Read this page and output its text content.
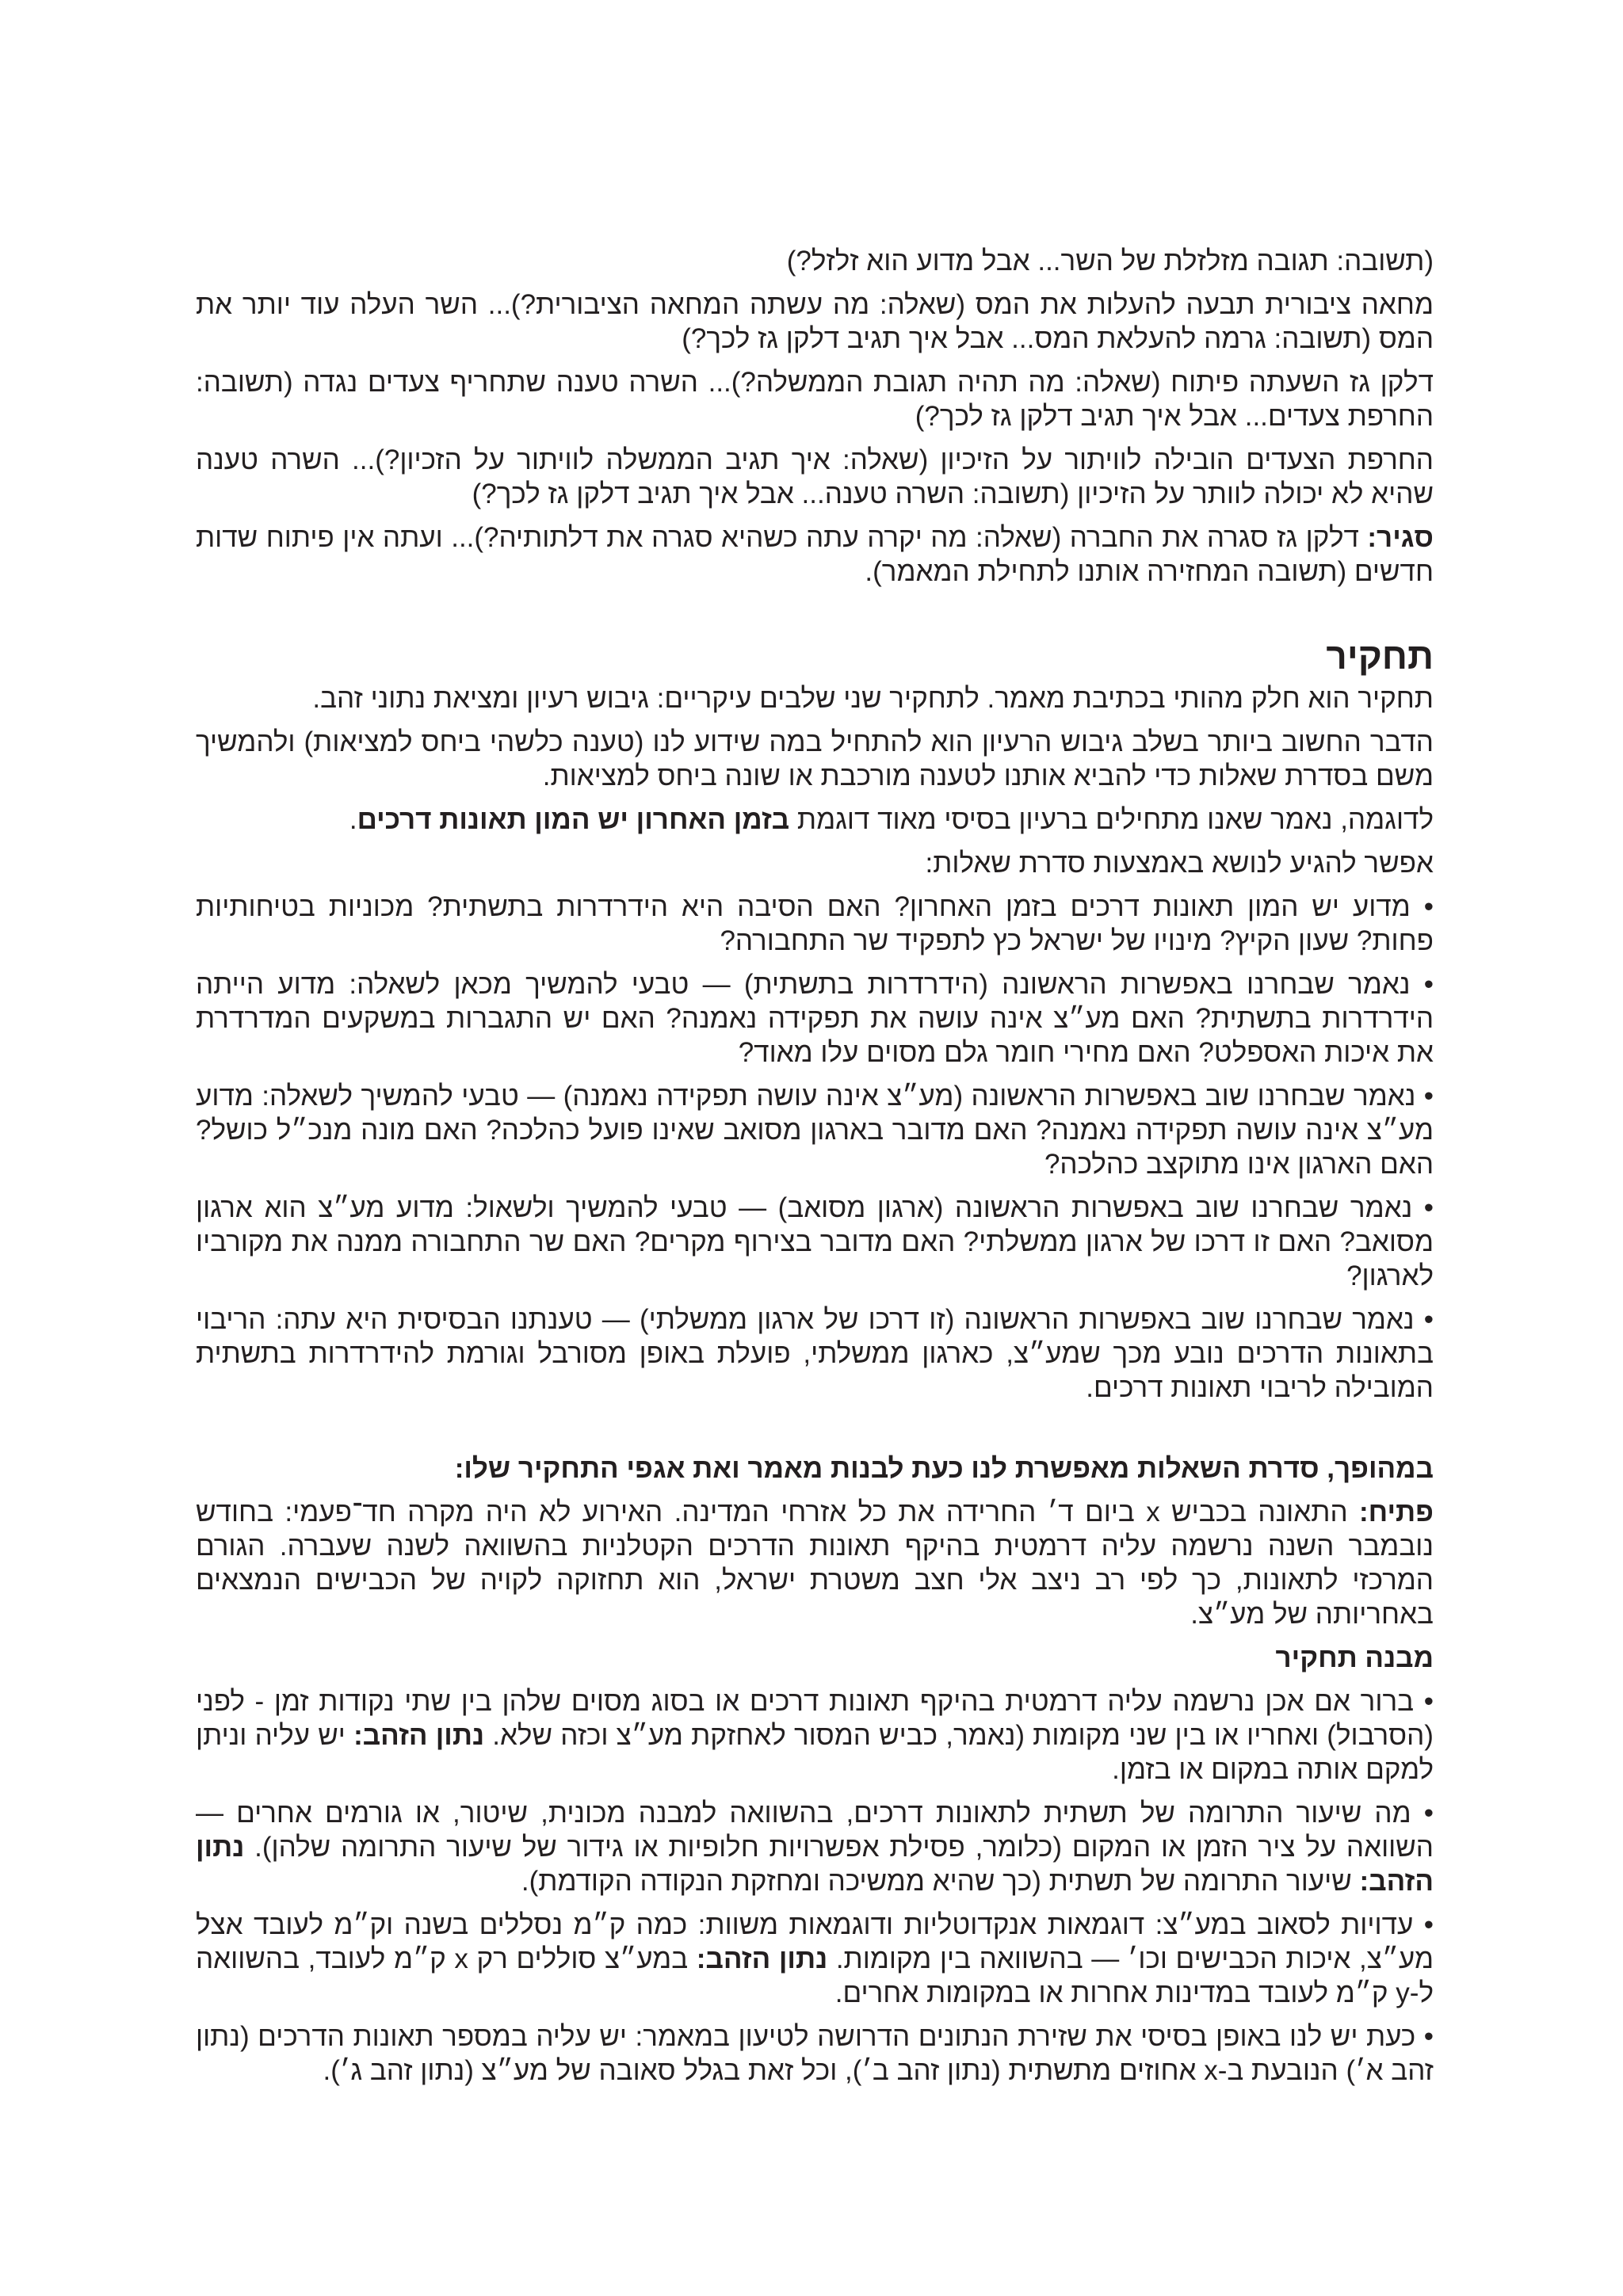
(תשובה: תגובה מזלזלת של השר... אבל מדוע הוא זלזל?)

מחאה ציבורית תבעה להעלות את המס (שאלה: מה עשתה המחאה הציבורית?)... השר העלה עוד יותר את המס (תשובה: גרמה להעלאת המס... אבל איך תגיב דלקן גז לכך?)

דלקן גז השעתה פיתוח (שאלה: מה תהיה תגובת הממשלה?)... השרה טענה שתחריף צעדים נגדה (תשובה: החרפת צעדים... אבל איך תגיב דלקן גז לכך?)

החרפת הצעדים הובילה לוויתור על הזיכיון (שאלה: איך תגיב הממשלה לוויתור על הזכיון?)... השרה טענה שהיא לא יכולה לוותר על הזיכיון (תשובה: השרה טענה... אבל איך תגיב דלקן גז לכך?)

סגיר: דלקן גז סגרה את החברה (שאלה: מה יקרה עתה כשהיא סגרה את דלתותיה?)... ועתה אין פיתוח שדות חדשים (תשובה המחזירה אותנו לתחילת המאמר).

תחקיר

תחקיר הוא חלק מהותי בכתיבת מאמר. לתחקיר שני שלבים עיקריים: גיבוש רעיון ומציאת נתוני זהב.

הדבר החשוב ביותר בשלב גיבוש הרעיון הוא להתחיל במה שידוע לנו (טענה כלשהי ביחס למציאות) ולהמשיך משם בסדרת שאלות כדי להביא אותנו לטענה מורכבת או שונה ביחס למציאות.

לדוגמה, נאמר שאנו מתחילים ברעיון בסיסי מאוד דוגמת בזמן האחרון יש המון תאונות דרכים.

אפשר להגיע לנושא באמצעות סדרת שאלות:

• מדוע יש המון תאונות דרכים בזמן האחרון? האם הסיבה היא הידרדרות בתשתית? מכוניות בטיחותיות פחות? שעון הקיץ? מינויו של ישראל כץ לתפקיד שר התחבורה?

• נאמר שבחרנו באפשרות הראשונה (הידרדרות בתשתית) — טבעי להמשיך מכאן לשאלה: מדוע הייתה הידרדרות בתשתית? האם מע״צ אינה עושה את תפקידה נאמנה? האם יש התגברות במשקעים המדרדרת את איכות האספלט? האם מחירי חומר גלם מסוים עלו מאוד?

• נאמר שבחרנו שוב באפשרות הראשונה (מע״צ אינה עושה תפקידה נאמנה) — טבעי להמשיך לשאלה: מדוע מע״צ אינה עושה תפקידה נאמנה? האם מדובר בארגון מסואב שאינו פועל כהלכה? האם מונה מנכ״ל כושל? האם הארגון אינו מתוקצב כהלכה?

• נאמר שבחרנו שוב באפשרות הראשונה (ארגון מסואב) — טבעי להמשיך ולשאול: מדוע מע״צ הוא ארגון מסואב? האם זו דרכו של ארגון ממשלתי? האם מדובר בצירוף מקרים? האם שר התחבורה ממנה את מקורביו לארגון?

• נאמר שבחרנו שוב באפשרות הראשונה (זו דרכו של ארגון ממשלתי) — טענתנו הבסיסית היא עתה: הריבוי בתאונות הדרכים נובע מכך שמע״צ, כארגון ממשלתי, פועלת באופן מסורבל וגורמת להידרדרות בתשתית המובילה לריבוי תאונות דרכים.

במהופך, סדרת השאלות מאפשרת לנו כעת לבנות מאמר ואת אגפי התחקיר שלו:

פתיח: התאונה בכביש x ביום ד׳ החרידה את כל אזרחי המדינה. האירוע לא היה מקרה חד־פעמי: בחודש נובמבר השנה נרשמה עליה דרמטית בהיקף תאונות הדרכים הקטלניות בהשוואה לשנה שעברה. הגורם המרכזי לתאונות, כך לפי רב ניצב אלי חצב משטרת ישראל, הוא תחזוקה לקויה של הכבישים הנמצאים באחריותה של מע״צ.

מבנה תחקיר

• ברור אם אכן נרשמה עליה דרמטית בהיקף תאונות דרכים או בסוג מסוים שלהן בין שתי נקודות זמן - לפני (הסרבול) ואחריו או בין שני מקומות (נאמר, כביש המסור לאחזקת מע״צ וכזה שלא. נתון הזהב: יש עליה וניתן למקם אותה במקום או בזמן.

• מה שיעור התרומה של תשתית לתאונות דרכים, בהשוואה למבנה מכונית, שיטור, או גורמים אחרים — השוואה על ציר הזמן או המקום (כלומר, פסילת אפשרויות חלופיות או גידור של שיעור התרומה שלהן). נתון הזהב: שיעור התרומה של תשתית (כך שהיא ממשיכה ומחזקת הנקודה הקודמת).

• עדויות לסאוב במע״צ: דוגמאות אנקדוטליות ודוגמאות משוות: כמה ק״מ נסללים בשנה וק״מ לעובד אצל מע״צ, איכות הכבישים וכו׳ — בהשוואה בין מקומות. נתון הזהב: במע״צ סוללים רק x ק״מ לעובד, בהשוואה ל-y ק״מ לעובד במדינות אחרות או במקומות אחרים.

• כעת יש לנו באופן בסיסי את שזירת הנתונים הדרושה לטיעון במאמר: יש עליה במספר תאונות הדרכים (נתון זהב א׳) הנובעת ב-x אחוזים מתשתית (נתון זהב ב׳), וכל זאת בגלל סאובה של מע״צ (נתון זהב ג׳).
